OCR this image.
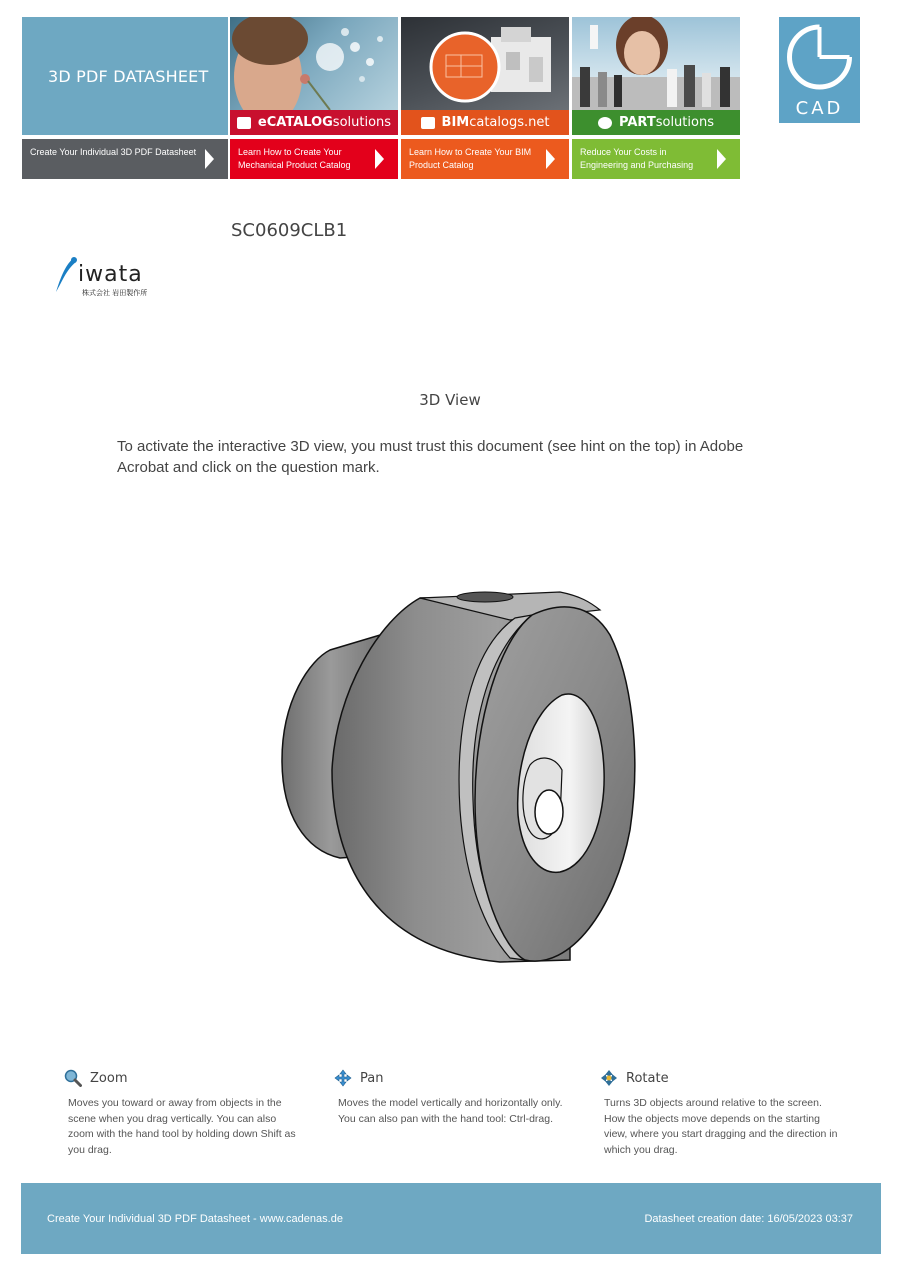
3D PDF DATASHEET
Create Your Individual 3D PDF Datasheet
eCATALOG solutions
Learn How to Create Your Mechanical Product Catalog
BIM catalogs.net
Learn How to Create Your BIM Product Catalog
PART solutions
Reduce Your Costs in Engineering and Purchasing
CAD
SC0609CLB1
iwata
株式会社 岩田製作所
3D View
To activate the interactive 3D view, you must trust this document (see hint on the top) in Adobe Acrobat and click on the question mark.
Zoom
Moves you toward or away from objects in the scene when you drag vertically. You can also zoom with the hand tool by holding down Shift as you drag.
Pan
Moves the model vertically and horizontally only. You can also pan with the hand tool: Ctrl-drag.
Rotate
Turns 3D objects around relative to the screen. How the objects move depends on the starting view, where you start dragging and the direction in which you drag.
Create Your Individual 3D PDF Datasheet - www.cadenas.de	Datasheet creation date: 16/05/2023 03:37
